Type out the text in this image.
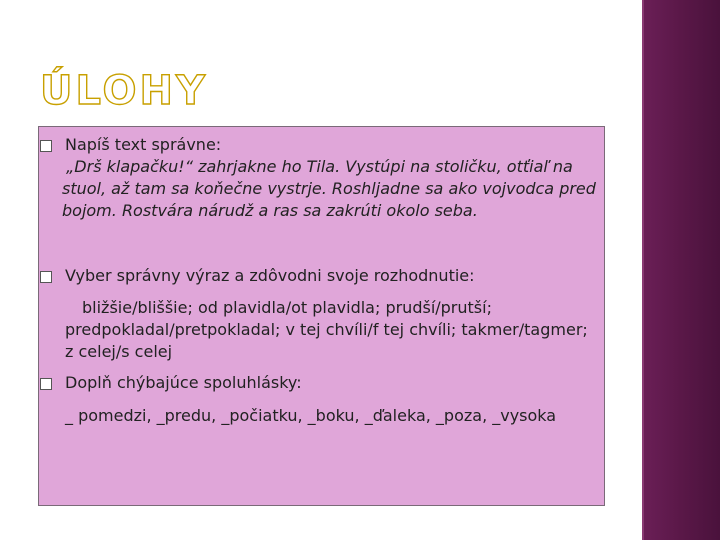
ÚLOHY
Napíš text správne:
„Drš klapačku!“ zahrjakne ho Tila. Vystúpi na stoličku, otťiaľ na stuol, až tam sa koňečne vystrje. Roshljadne sa ako vojvodca pred bojom. Rostvára nárudž a ras sa zakrúti okolo seba.
Vyber správny výraz a zdôvodni svoje rozhodnutie:
bližšie/bliššie; od plavidla/ot plavidla; prudší/prutší; predpokladal/pretpokladal; v tej chvíli/f tej chvíli; takmer/tagmer; z celej/s celej
Doplň chýbajúce spoluhlásky:
_ pomedzi, _predu, _počiatku, _boku, _ďaleka, _poza, _vysoka
